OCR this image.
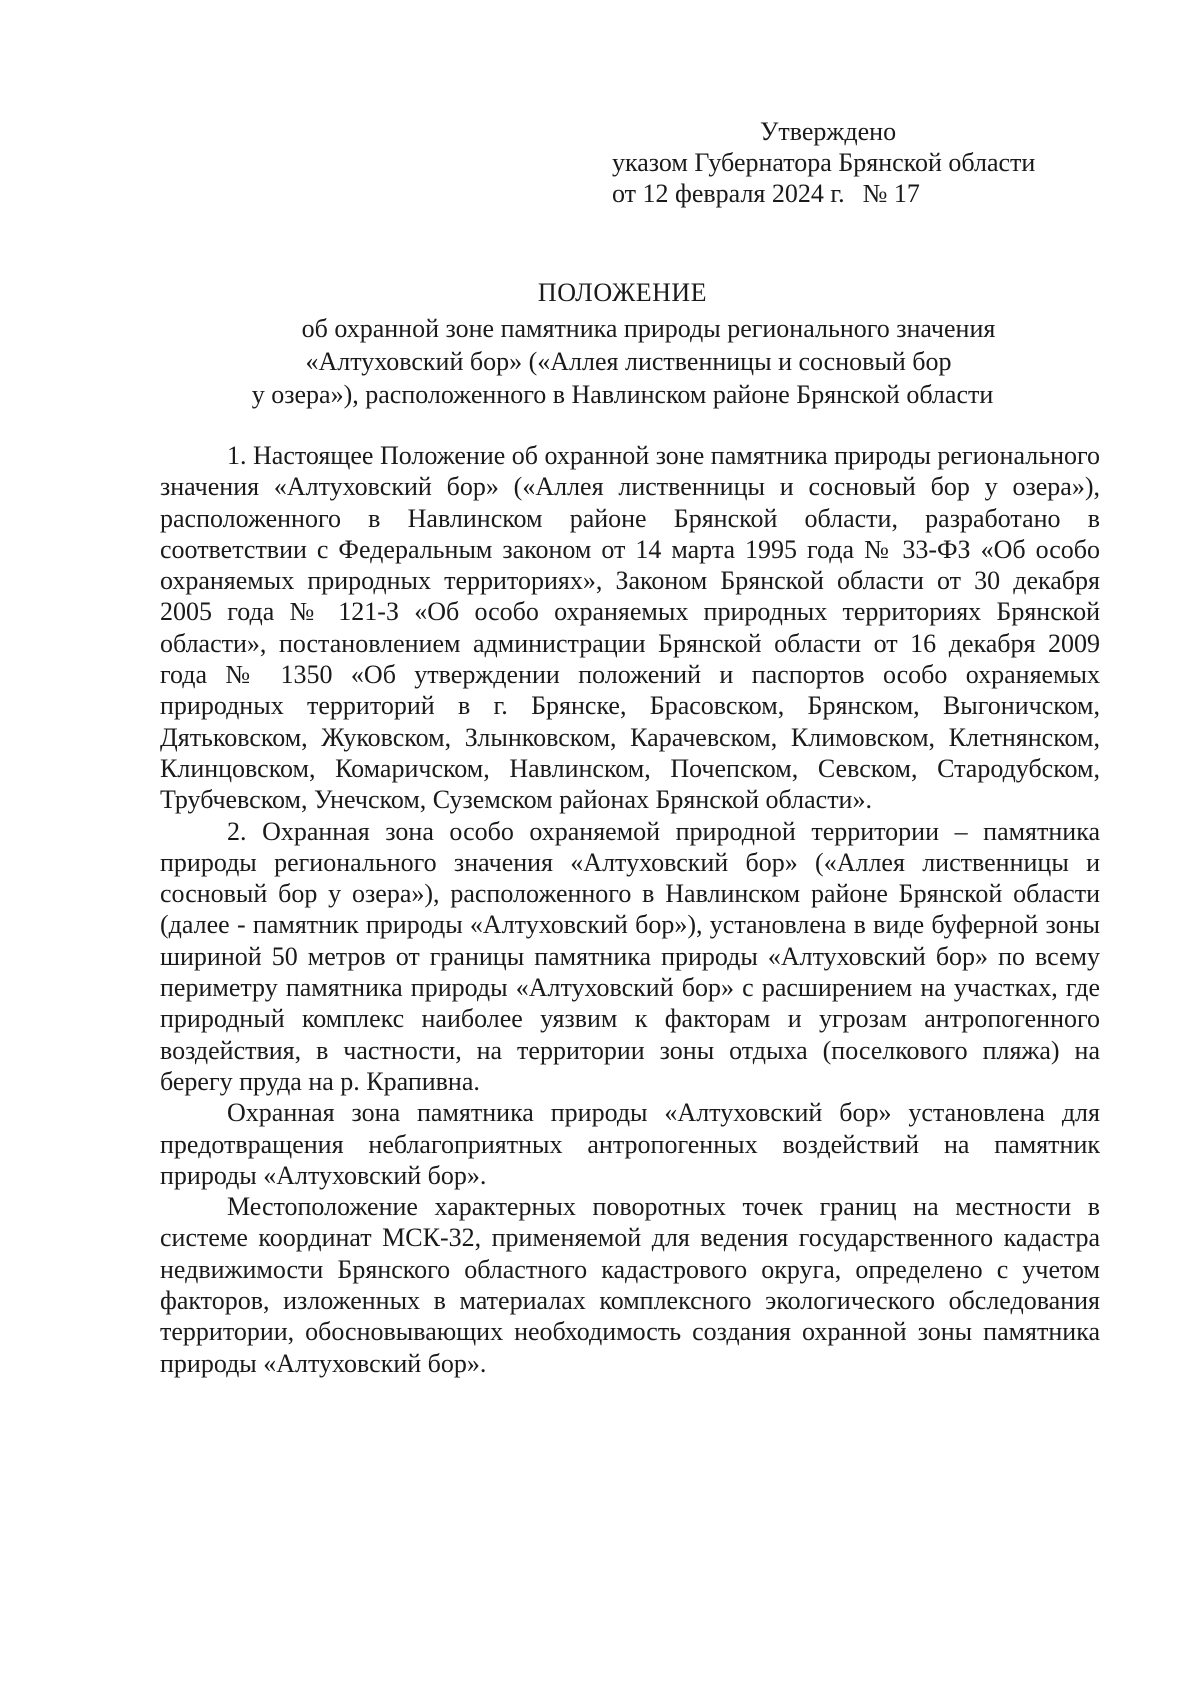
Утверждено
указом Губернатора Брянской области
от 12 февраля 2024 г. № 17
ПОЛОЖЕНИЕ
об охранной зоне памятника природы регионального значения
«Алтуховский бор» («Аллея лиственницы и сосновый бор
у озера»), расположенного в Навлинском районе Брянской области

1. Настоящее Положение об охранной зоне памятника природы регионального значения «Алтуховский бор» («Аллея лиственницы и сосновый бор у озера»), расположенного в Навлинском районе Брянской области, разработано в соответствии с Федеральным законом от 14 марта 1995 года № 33-ФЗ «Об особо охраняемых природных территориях», Законом Брянской области от 30 декабря 2005 года № 121-З «Об особо охраняемых природных территориях Брянской области», постановлением администрации Брянской области от 16 декабря 2009 года № 1350 «Об утверждении положений и паспортов особо охраняемых природных территорий в г. Брянске, Брасовском, Брянском, Выгоничском, Дятьковском, Жуковском, Злынковском, Карачевском, Климовском, Клетнянском, Клинцовском, Комаричском, Навлинском, Почепском, Севском, Стародубском, Трубчевском, Унечском, Суземском районах Брянской области».

2. Охранная зона особо охраняемой природной территории – памятника природы регионального значения «Алтуховский бор» («Аллея лиственницы и сосновый бор у озера»), расположенного в Навлинском районе Брянской области (далее - памятник природы «Алтуховский бор»), установлена в виде буферной зоны шириной 50 метров от границы памятника природы «Алтуховский бор» по всему периметру памятника природы «Алтуховский бор» с расширением на участках, где природный комплекс наиболее уязвим к факторам и угрозам антропогенного воздействия, в частности, на территории зоны отдыха (поселкового пляжа) на берегу пруда на р. Крапивна.

Охранная зона памятника природы «Алтуховский бор» установлена для предотвращения неблагоприятных антропогенных воздействий на памятник природы «Алтуховский бор».

Местоположение характерных поворотных точек границ на местности в системе координат МСК-32, применяемой для ведения государственного кадастра недвижимости Брянского областного кадастрового округа, определено с учетом факторов, изложенных в материалах комплексного экологического обследования территории, обосновывающих необходимость создания охранной зоны памятника природы «Алтуховский бор».
